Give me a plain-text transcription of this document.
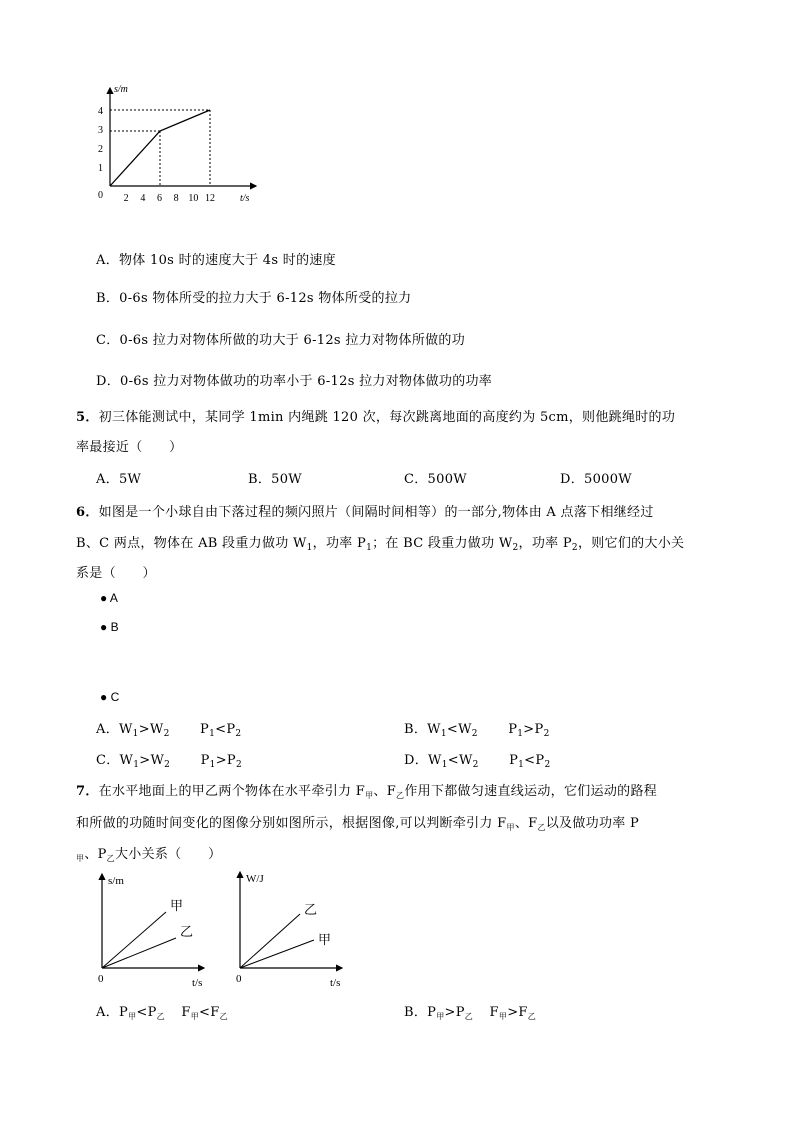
s/m
t/s
0
1
2
3
4
2 4 6 8 10 12
A．物体 10s 时的速度大于 4s 时的速度
B．0-6s 物体所受的拉力大于 6-12s 物体所受的拉力
C．0-6s 拉力对物体所做的功大于 6-12s 拉力对物体所做的功
D．0-6s 拉力对物体做功的功率小于 6-12s 拉力对物体做功的功率
5．初三体能测试中，某同学 1min 内绳跳 120 次，每次跳离地面的高度约为 5cm，则他跳绳时的功
率最接近（　　）
A．5W	B．50W	C．500W	D．5000W
6．如图是一个小球自由下落过程的频闪照片（间隔时间相等）的一部分,物体由 A 点落下相继经过
B、C 两点，物体在 AB 段重力做功 $W_1$，功率 $P_1$；在 BC 段重力做功 $W_2$，功率 $P_2$，则它们的大小关
系是（　　）
● A
● B
● C
A．$W_1>W_2$ $P_1<P_2$	B．$W_1<W_2$ $P_1>P_2$
C．$W_1>W_2$ $P_1>P_2$	D．$W_1<W_2$ $P_1<P_2$
7．在水平地面上的甲乙两个物体在水平牵引力 $F_甲$、$F_乙$作用下都做匀速直线运动，它们运动的路程
和所做的功随时间变化的图像分别如图所示，根据图像,可以判断牵引力 $F_甲$、$F_乙$以及做功功率 P
$_甲$、$P_乙$大小关系（　　）
s/m
t/s
0
甲
乙
W/J
t/s
0
乙
甲
A．$P_甲<P_乙$ $F_甲<F_乙$	B．$P_甲>P_乙$ $F_甲>F_乙$
